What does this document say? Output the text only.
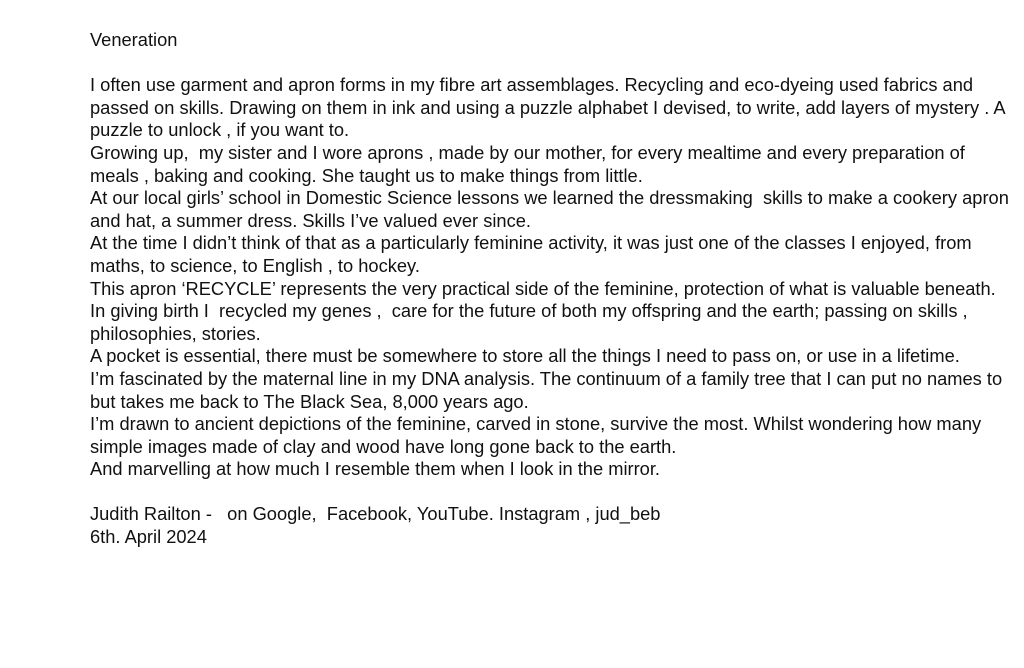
Veneration

I often use garment and apron forms in my fibre art assemblages. Recycling and eco-dyeing used fabrics and passed on skills. Drawing on them in ink and using a puzzle alphabet I devised, to write, add layers of mystery . A puzzle to unlock , if you want to.

Growing up,  my sister and I wore aprons , made by our mother, for every mealtime and every preparation of meals , baking and cooking. She taught us to make things from little.

At our local girls’ school in Domestic Science lessons we learned the dressmaking  skills to make a cookery apron and hat, a summer dress. Skills I’ve valued ever since.

At the time I didn’t think of that as a particularly feminine activity, it was just one of the classes I enjoyed, from maths, to science, to English , to hockey.

This apron ‘RECYCLE’ represents the very practical side of the feminine, protection of what is valuable beneath.

In giving birth I  recycled my genes ,  care for the future of both my offspring and the earth; passing on skills , philosophies, stories.

A pocket is essential, there must be somewhere to store all the things I need to pass on, or use in a lifetime.

I’m fascinated by the maternal line in my DNA analysis. The continuum of a family tree that I can put no names to but takes me back to The Black Sea, 8,000 years ago.

I’m drawn to ancient depictions of the feminine, carved in stone, survive the most. Whilst wondering how many simple images made of clay and wood have long gone back to the earth.

And marvelling at how much I resemble them when I look in the mirror.

Judith Railton -   on Google,  Facebook, YouTube. Instagram , jud_beb

6th. April 2024
